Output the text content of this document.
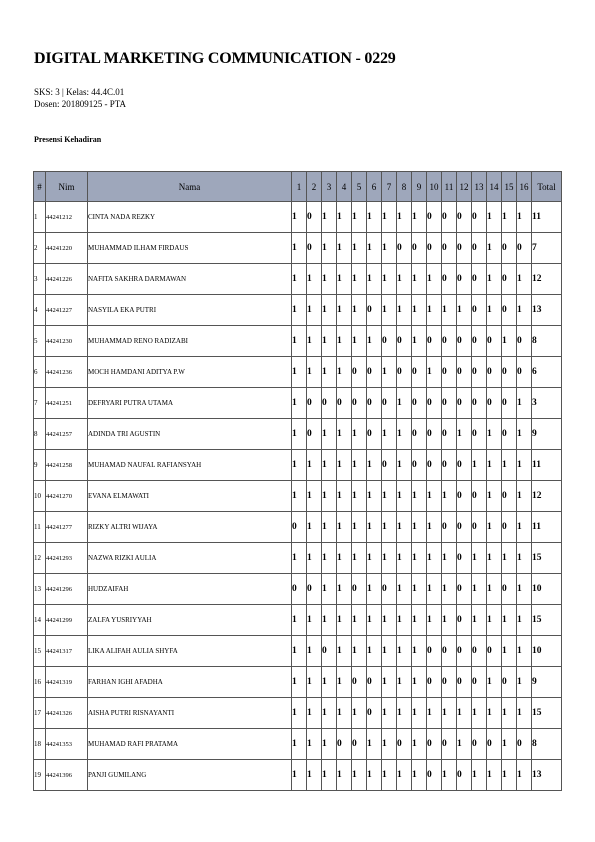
DIGITAL MARKETING COMMUNICATION - 0229
SKS: 3 | Kelas: 44.4C.01
Dosen: 201809125 - PTA
Presensi Kehadiran
#	Nim	Nama	1	2	3	4	5	6	7	8	9	10	11	12	13	14	15	16	Total
1	44241212	CINTA NADA REZKY	1	0	1	1	1	1	1	1	1	0	0	0	0	1	1	1	11
2	44241220	MUHAMMAD ILHAM FIRDAUS	1	0	1	1	1	1	1	0	0	0	0	0	0	1	0	0	7
3	44241226	NAFITA SAKHRA DARMAWAN	1	1	1	1	1	1	1	1	1	1	0	0	0	1	0	1	12
4	44241227	NASYILA EKA PUTRI	1	1	1	1	1	0	1	1	1	1	1	1	0	1	0	1	13
5	44241230	MUHAMMAD RENO RADIZABI	1	1	1	1	1	1	0	0	1	0	0	0	0	0	1	0	8
6	44241236	MOCH HAMDANI ADITYA P.W	1	1	1	1	0	0	1	0	0	1	0	0	0	0	0	0	6
7	44241251	DEFRYARI PUTRA UTAMA	1	0	0	0	0	0	0	1	0	0	0	0	0	0	0	1	3
8	44241257	ADINDA TRI AGUSTIN	1	0	1	1	1	0	1	1	0	0	0	1	0	1	0	1	9
9	44241258	MUHAMAD NAUFAL RAFIANSYAH	1	1	1	1	1	1	0	1	0	0	0	0	1	1	1	1	11
10	44241270	EVANA ELMAWATI	1	1	1	1	1	1	1	1	1	1	1	0	0	1	0	1	12
11	44241277	RIZKY ALTRI WIJAYA	0	1	1	1	1	1	1	1	1	1	0	0	0	1	0	1	11
12	44241293	NAZWA RIZKI AULIA	1	1	1	1	1	1	1	1	1	1	1	0	1	1	1	1	15
13	44241296	HUDZAIFAH	0	0	1	1	0	1	0	1	1	1	1	0	1	1	0	1	10
14	44241299	ZALFA YUSRIYYAH	1	1	1	1	1	1	1	1	1	1	1	0	1	1	1	1	15
15	44241317	LIKA ALIFAH AULIA SHYFA	1	1	0	1	1	1	1	1	1	0	0	0	0	0	1	1	10
16	44241319	FARHAN IGHI AFADHA	1	1	1	1	0	0	1	1	1	0	0	0	0	1	0	1	9
17	44241326	AISHA PUTRI RISNAYANTI	1	1	1	1	1	0	1	1	1	1	1	1	1	1	1	1	15
18	44241353	MUHAMAD RAFI PRATAMA	1	1	1	0	0	1	1	0	1	0	0	1	0	0	1	0	8
19	44241396	PANJI GUMILANG	1	1	1	1	1	1	1	1	1	0	1	0	1	1	1	1	13
